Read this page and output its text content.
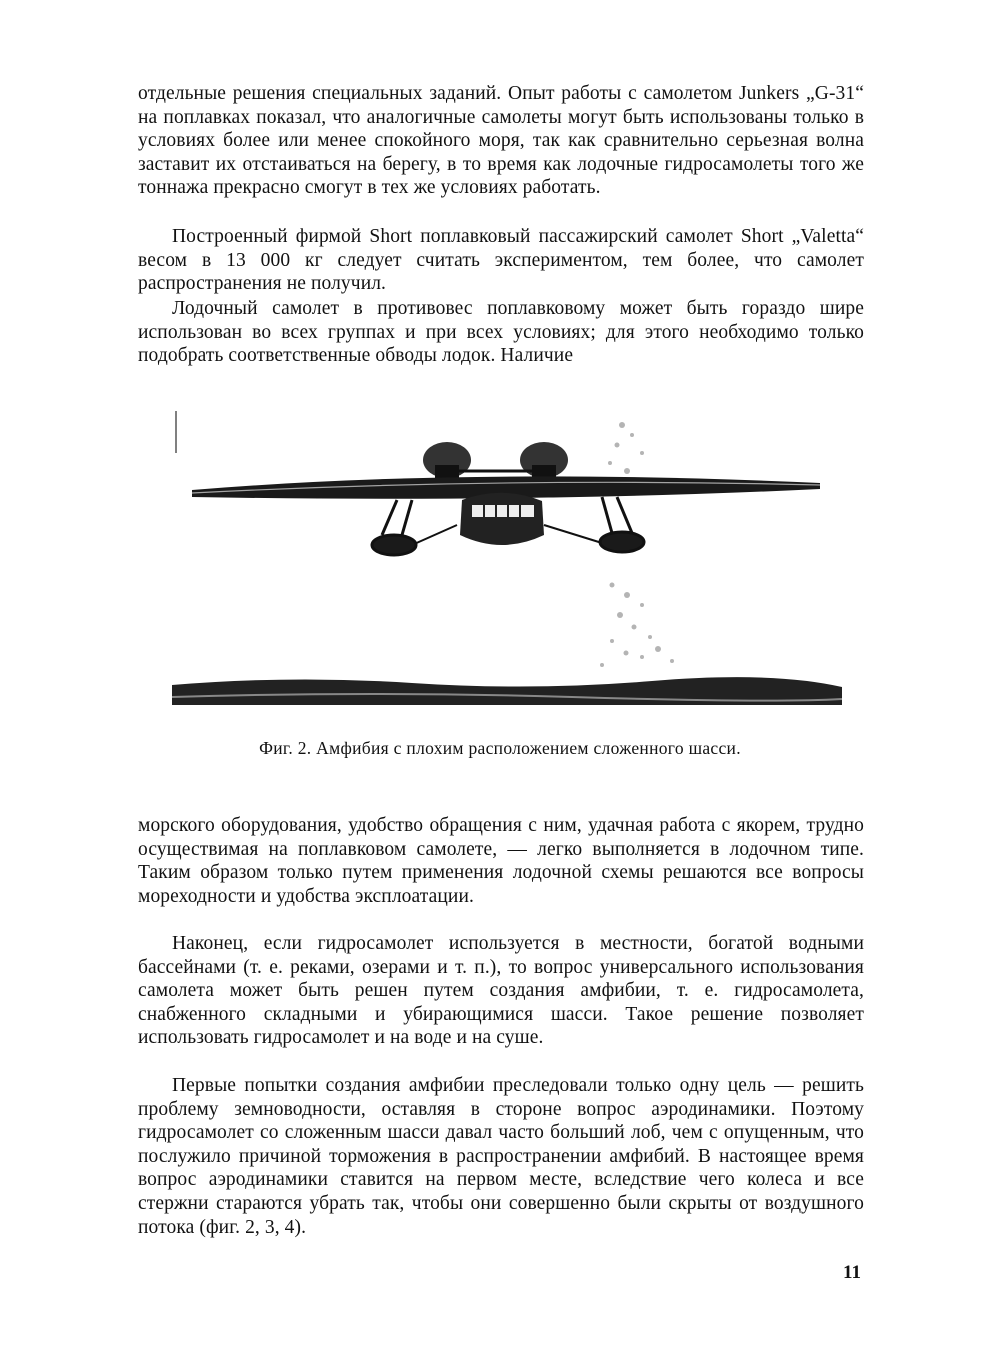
отдельные решения специальных заданий. Опыт работы с самолетом Junkers „G-31“ на поплавках показал, что аналогичные самолеты могут быть использованы только в условиях более или менее спокойного моря, так как сравнительно серьезная волна заставит их отстаиваться на берегу, в то время как лодочные гидросамолеты того же тоннажа прекрасно смогут в тех же условиях работать.

Построенный фирмой Short поплавковый пассажирский самолет Short „Valetta“ весом в 13 000 кг следует считать экспериментом, тем более, что самолет распространения не получил.

Лодочный самолет в противовес поплавковому может быть гораздо шире использован во всех группах и при всех условиях; для этого необходимо только подобрать соответственные обводы лодок. Наличие

Фиг. 2. Амфибия с плохим расположением сложенного шасси.

морского оборудования, удобство обращения с ним, удачная работа с якорем, трудно осуществимая на поплавковом самолете, — легко выполняется в лодочном типе. Таким образом только путем применения лодочной схемы решаются все вопросы мореходности и удобства эксплоатации.

Наконец, если гидросамолет используется в местности, богатой водными бассейнами (т. е. реками, озерами и т. п.), то вопрос универсального использования самолета может быть решен путем создания амфибии, т. е. гидросамолета, снабженного складными и убирающимися шасси. Такое решение позволяет использовать гидросамолет и на воде и на суше.

Первые попытки создания амфибии преследовали только одну цель — решить проблему земноводности, оставляя в стороне вопрос аэродинамики. Поэтому гидросамолет со сложенным шасси давал часто больший лоб, чем с опущенным, что послужило причиной торможения в распространении амфибий. В настоящее время вопрос аэродинамики ставится на первом месте, вследствие чего колеса и все стержни стараются убрать так, чтобы они совершенно были скрыты от воздушного потока (фиг. 2, 3, 4).

11
